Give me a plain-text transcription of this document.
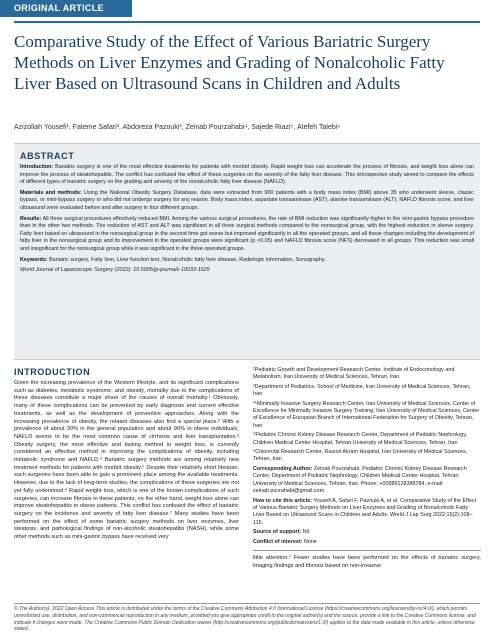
ORIGINAL ARTICLE
Comparative Study of the Effect of Various Bariatric Surgery Methods on Liver Enzymes and Grading of Nonalcoholic Fatty Liver Based on Ultrasound Scans in Children and Adults

Azizollah Yousefi¹, Fateme Safari², Abdoreza Pazouki³, Zeinab Pourzahabi⁴, Sajede Riazi⁵, Atefeh Talebi⁶

ABSTRACT

Introduction: Bariatric surgery is one of the most effective treatments for patients with morbid obesity. Rapid weight loss can accelerate the process of fibrosis, and weight loss alone can improve the process of steatohepatitis. The conflict has confused the effect of these surgeries on the severity of the fatty liver disease. This retrospective study aimed to compare the effects of different types of bariatric surgery on the grading and severity of the nonalcoholic fatty liver disease (NAFLD).

Materials and methods: Using the National Obesity Surgery Database, data were extracted from 900 patients with a body mass index (BMI) above 35 who underwent sleeve, classic bypass, or mini-bypass surgery or who did not undergo surgery for any reason. Body mass index, aspartate transaminase (AST), alanine transaminase (ALT), NAFLD fibrosis score, and liver ultrasound were evaluated before and after surgery in four different groups.

Results: All three surgical procedures effectively reduced BMI. Among the various surgical procedures, the rate of BMI reduction was significantly higher in the mini-gastric bypass procedure than in the other two methods. The reduction of AST and ALT was significant in all three surgical methods compared to the nonsurgical group, with the highest reduction in sleeve surgery. Fatty liver based on ultrasound in the nonsurgical group in the second time got worse but improved significantly in all the operated groups, and all these changes including the development of fatty liver in the nonsurgical group and its improvement in the operated groups were significant (p <0.05) and NAFLD fibrosis score (NFS) decreased in all groups. This reduction was small and insignificant for the nonsurgical group while it was significant in the three operated groups.

Keywords: Bariatric surgery, Fatty liver, Liver function test, Nonalcoholic fatty liver disease, Radiologic information, Sonography.

World Journal of Laparoscopic Surgery (2022): 10.5005/jp-journals-10033-1529

INTRODUCTION

Given the increasing prevalence of the Western lifestyle, and its significant complications such as diabetes, metabolic syndrome, and obesity, mortality due to the complications of these diseases constitute a major share of the causes of overall mortality.¹ Obviously, many of these complications can be prevented by early diagnosis and current effective treatments, as well as the development of preventive approaches. Along with the increasing prevalence of obesity, the related diseases also find a special place.² With a prevalence of about 30% in the general population and about 90% in obese individuals, NAFLD seems to be the most common cause of cirrhosis and liver transplantation.³ Obesity surgery, the most effective and lasting method in weight loss, is currently considered an effective method in improving the complications of obesity, including metabolic syndrome and NAFLD.⁴ Bariatric surgery methods are among relatively new treatment methods for patients with morbid obesity.⁵ Despite their relatively short lifespan, such surgeries have been able to gain a prominent place among the available treatments. However, due to the lack of long-term studies, the complications of these surgeries are not yet fully understood.⁶ Rapid weight loss, which is one of the known complications of such surgeries, can increase fibrosis in these patients; on the other hand, weight loss alone can improve steatohepatitis in obese patients. This conflict has confused the effect of bariatric surgery on the incidence and severity of fatty liver disease.⁷ Many studies have been performed on the effect of some bariatric surgery methods on liver enzymes, liver steatosis, and pathological findings of non-alcoholic steatohepatitis (NASH), while some other methods such as mini-gastric bypass have received very

¹Pediatric Growth and Development Research Center, Institute of Endocrinology and Metabolism, Iran University of Medical Sciences, Tehran, Iran

²Department of Pediatrics, School of Medicine, Iran University of Medical Sciences, Tehran, Iran

³⁵Minimally Invasive Surgery Research Center, Iran University of Medical Sciences, Center of Excellence for Minimally Invasive Surgery Training, Iran University of Medical Sciences, Center of Excellence of European Branch of International Federation for Surgery of Obesity, Tehran, Iran

⁴Pediatric Chronic Kidney Disease Research Center, Department of Pediatric Nephrology, Children Medical Center Hospital, Tehran University of Medical Sciences, Tehran, Iran

⁶Colorectal Research Center, Rasool Akram Hospital, Iran University of Medical Sciences, Tehran, Iran

Corresponding Author: Zeinab Pourzahabi, Pediatric Chronic Kidney Disease Research Center, Department of Pediatric Nephrology, Children Medical Center Hospital, Tehran University of Medical Sciences, Tehran, Iran, Phone: +00989128388784, e-mail: zeinab.purzahabi@gmail.com

How to cite this article: Yousefi A, Safari F, Pazouki A, et al. Comparative Study of the Effect of Various Bariatric Surgery Methods on Liver Enzymes and Grading of Nonalcoholic Fatty Liver Based on Ultrasound Scans in Children and Adults. World J Lap Surg 2022;15(2):108–115.

Source of support: Nil

Conflict of interest: None

little attention.⁷ Fewer studies have been performed on the effects of bariatric surgery, imaging findings and fibrosis based on non-invasive

© The Author(s). 2022 Open Access This article is distributed under the terms of the Creative Commons Attribution 4.0 International License (https://creativecommons.org/licenses/by-nc/4.0/), which permits unrestricted use, distribution, and non-commercial reproduction in any medium, provided you give appropriate credit to the original author(s) and the source, provide a link to the Creative Commons license, and indicate if changes were made. The Creative Commons Public Domain Dedication waiver (http://creativecommons.org/publicdomain/zero/1.0/) applies to the data made available in this article, unless otherwise stated.
